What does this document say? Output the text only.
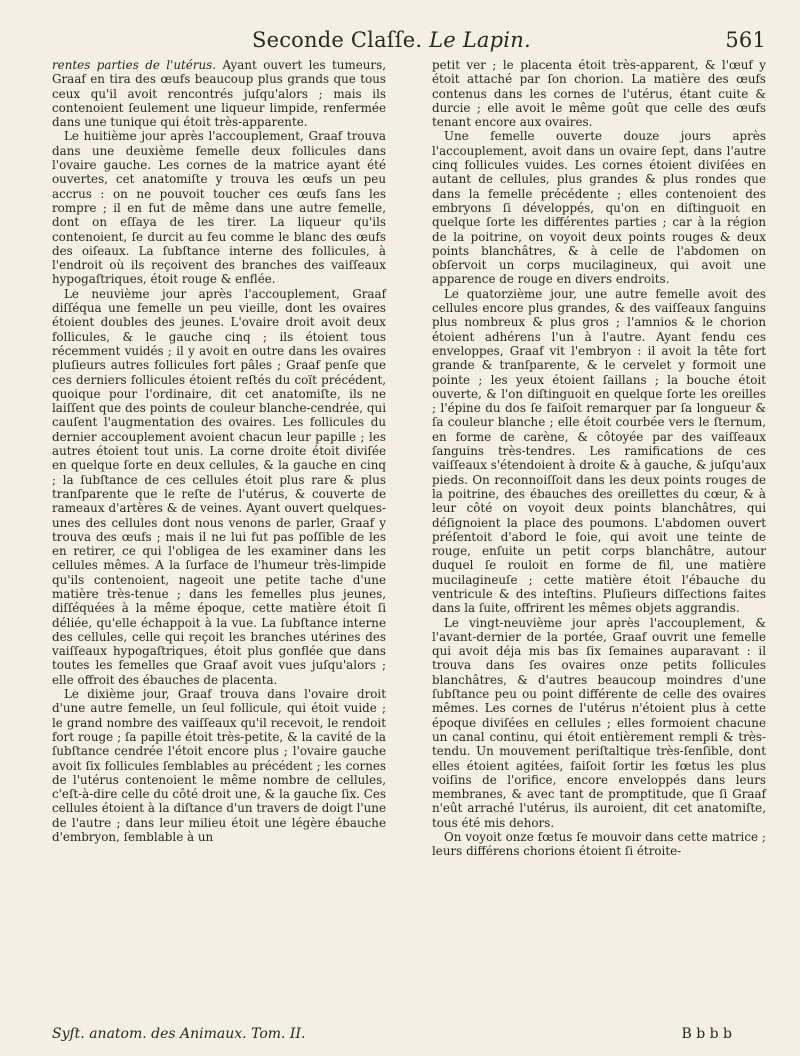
Seconde Claſſe. Le Lapin.	561

rentes parties de l'utérus. Ayant ouvert les tumeurs, Graaf en tira des œufs beaucoup plus grands que tous ceux qu'il avoit rencontrés juſqu'alors ; mais ils contenoient ſeulement une liqueur limpide, renfermée dans une tunique qui étoit très-apparente.

Le huitième jour après l'accouplement, Graaf trouva dans une deuxième femelle deux follicules dans l'ovaire gauche. Les cornes de la matrice ayant été ouvertes, cet anatomiſte y trouva les œufs un peu accrus : on ne pouvoit toucher ces œufs ſans les rompre ; il en fut de même dans une autre femelle, dont on eſſaya de les tirer. La liqueur qu'ils contenoient, ſe durcit au feu comme le blanc des œufs des oiſeaux. La ſubſtance interne des follicules, à l'endroit où ils reçoivent des branches des vaiſſeaux hypogaſtriques, étoit rouge & enflée.

Le neuvième jour après l'accouplement, Graaf diſſéqua une femelle un peu vieille, dont les ovaires étoient doubles des jeunes. L'ovaire droit avoit deux follicules, & le gauche cinq ; ils étoient tous récemment vuidés ; il y avoit en outre dans les ovaires pluſieurs autres follicules fort pâles ; Graaf penſe que ces derniers follicules étoient reſtés du coït précédent, quoique pour l'ordinaire, dit cet anatomiſte, ils ne laiſſent que des points de couleur blanche-cendrée, qui cauſent l'augmentation des ovaires. Les follicules du dernier accouplement avoient chacun leur papille ; les autres étoient tout unis. La corne droite étoit diviſée en quelque ſorte en deux cellules, & la gauche en cinq ; la ſubſtance de ces cellules étoit plus rare & plus tranſparente que le reſte de l'utérus, & couverte de rameaux d'artères & de veines. Ayant ouvert quelques-unes des cellules dont nous venons de parler, Graaf y trouva des œufs ; mais il ne lui fut pas poſſible de les en retirer, ce qui l'obligea de les examiner dans les cellules mêmes. A la ſurface de l'humeur très-limpide qu'ils contenoient, nageoit une petite tache d'une matière très-tenue ; dans les femelles plus jeunes, diſſéquées à la même époque, cette matière étoit ſi déliée, qu'elle échappoit à la vue. La ſubſtance interne des cellules, celle qui reçoit les branches utérines des vaiſſeaux hypogaſtriques, étoit plus gonflée que dans toutes les femelles que Graaf avoit vues juſqu'alors ; elle offroit des ébauches de placenta.

Le dixième jour, Graaf trouva dans l'ovaire droit d'une autre femelle, un ſeul follicule, qui étoit vuide ; le grand nombre des vaiſſeaux qu'il recevoit, le rendoit fort rouge ; ſa papille étoit très-petite, & la cavité de la ſubſtance cendrée l'étoit encore plus ; l'ovaire gauche avoit ſix follicules ſemblables au précédent ; les cornes de l'utérus contenoient le même nombre de cellules, c'eſt-à-dire celle du côté droit une, & la gauche ſix. Ces cellules étoient à la diſtance d'un travers de doigt l'une de l'autre ; dans leur milieu étoit une légère ébauche d'embryon, ſemblable à un

petit ver ; le placenta étoit très-apparent, & l'œuf y étoit attaché par ſon chorion. La matière des œufs contenus dans les cornes de l'utérus, étant cuite & durcie ; elle avoit le même goût que celle des œufs tenant encore aux ovaires.

Une femelle ouverte douze jours après l'accouplement, avoit dans un ovaire ſept, dans l'autre cinq follicules vuides. Les cornes étoient diviſées en autant de cellules, plus grandes & plus rondes que dans la femelle précédente ; elles contenoient des embryons ſi développés, qu'on en diſtinguoit en quelque ſorte les différentes parties ; car à la région de la poitrine, on voyoit deux points rouges & deux points blanchâtres, & à celle de l'abdomen on obſervoit un corps mucilagineux, qui avoit une apparence de rouge en divers endroits.

Le quatorzième jour, une autre femelle avoit des cellules encore plus grandes, & des vaiſſeaux ſanguins plus nombreux & plus gros ; l'amnios & le chorion étoient adhérens l'un à l'autre. Ayant fendu ces enveloppes, Graaf vit l'embryon : il avoit la tête fort grande & tranſparente, & le cervelet y formoit une pointe ; les yeux étoient ſaillans ; la bouche étoit ouverte, & l'on diſtinguoit en quelque ſorte les oreilles ; l'épine du dos ſe faiſoit remarquer par ſa longueur & ſa couleur blanche ; elle étoit courbée vers le ſternum, en forme de carène, & côtoyée par des vaiſſeaux ſanguins très-tendres. Les ramifications de ces vaiſſeaux s'étendoient à droite & à gauche, & juſqu'aux pieds. On reconnoiſſoit dans les deux points rouges de la poitrine, des ébauches des oreillettes du cœur, & à leur côté on voyoit deux points blanchâtres, qui déſignoient la place des poumons. L'abdomen ouvert préſentoit d'abord le foie, qui avoit une teinte de rouge, enſuite un petit corps blanchâtre, autour duquel ſe rouloit en forme de fil, une matière mucilagineuſe ; cette matière étoit l'ébauche du ventricule & des inteſtins. Pluſieurs diſſections faites dans la ſuite, offrirent les mêmes objets aggrandis.

Le vingt-neuvième jour après l'accouplement, & l'avant-dernier de la portée, Graaf ouvrit une femelle qui avoit déja mis bas ſix ſemaines auparavant : il trouva dans ſes ovaires onze petits follicules blanchâtres, & d'autres beaucoup moindres d'une ſubſtance peu ou point différente de celle des ovaires mêmes. Les cornes de l'utérus n'étoient plus à cette époque diviſées en cellules ; elles formoient chacune un canal continu, qui étoit entièrement rempli & très-tendu. Un mouvement periſtaltique très-ſenſible, dont elles étoient agitées, faiſoit ſortir les fœtus les plus voiſins de l'orifice, encore enveloppés dans leurs membranes, & avec tant de promptitude, que ſi Graaf n'eût arraché l'utérus, ils auroient, dit cet anatomiſte, tous été mis dehors.

On voyoit onze fœtus ſe mouvoir dans cette matrice ; leurs différens chorions étoient ſi étroite-

Syſt. anatom. des Animaux. Tom. II.	B b b b
